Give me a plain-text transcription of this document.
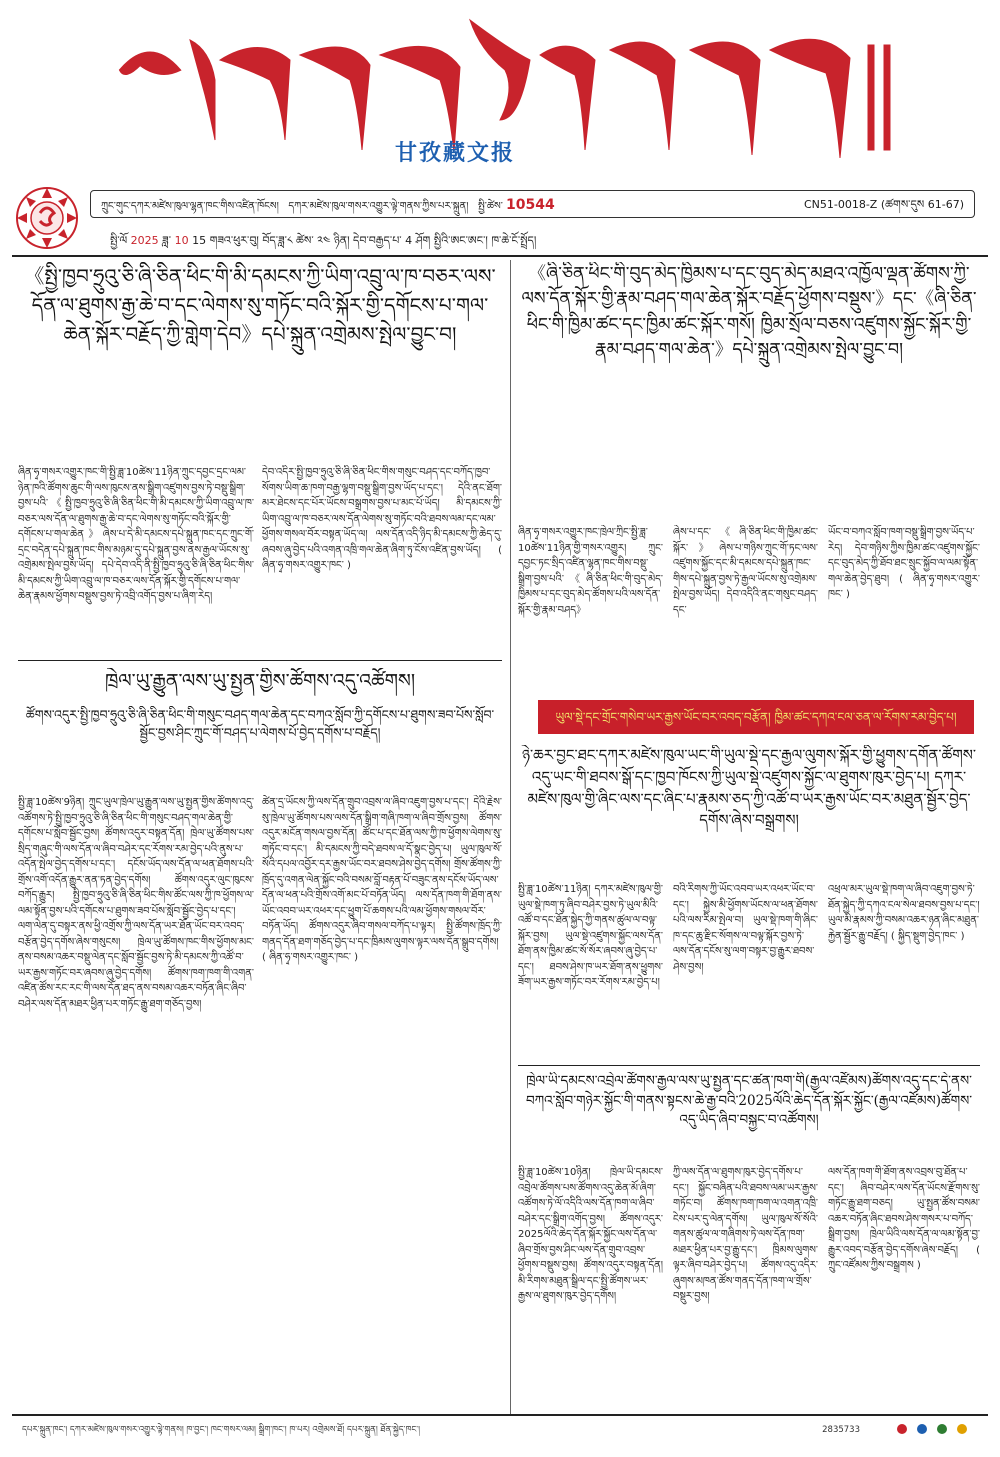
甘孜藏文报
ཀྲུང་གུང་དཀར་མཛེས་ཁུལ་ལྷན་ཁང་གིས་འཛིན་ཁོངས། དཀར་མཛེས་ཁུལ་གསར་འགྱུར་ལྟེ་གནས་ཀྱིས་པར་སྐྲུན། སྤྱི་ཚེས་ 10544	CN51-0018-Z (ཚགས་དུས 61-67)
སྤྱི་ལོ 2025 ཟླ་ 10 15 གཟའ་ཕུར་བུ། བོད་ཟླ་༨ ཚེས་ ༢༤ ཉིན། དེབ་བརྒྱད་པ་ 4 ཤོག སྤྱིའི་ཨང་ཨང་། ཁ་ཆེ་ངོ་སྤྲོད།
《སྤྱི་ཁྱབ་ཧྲུའུ་ཅི་ཞི་ཅིན་ཕིང་གི་མི་དམངས་ཀྱི་ཡིག་འབྲུ་ལ་ཁ་བཅར་ལས་དོན་ལ་ཐུགས་རྒྱ་ཆེ་བ་དང་ལེགས་སུ་གཏོང་བའི་སྐོར་གྱི་དགོངས་པ་གལ་ཆེན་སྐོར་བརྗོད་ཀྱི་གླེག་དེབ》དཔེ་སྐྲུན་འགྲེམས་སྤེལ་བྱུང་བ།
ཞིན་ཧྭ་གསར་འགྱུར་ཁང་གི་སྤྱི་ཟླ་10ཚེས་11ཉིན་ཀྲུང་དབྱང་དྲང་ལམ་ཉེན་ཁའི་ཚོགས་ཆུང་གི་ལས་ཁུངས་ནས་སྒྲིག་འཛུགས་བྱས་ཏེ་བསྡུ་སྒྲིག་བྱས་པའི་《སྤྱི་ཁྱབ་ཧྲུའུ་ཅི་ཞི་ཅིན་ཕིང་གི་མི་དམངས་ཀྱི་ཡིག་འབྲུ་ལ་ཁ་བཅར་ལས་དོན་ལ་ཐུགས་རྒྱ་ཆེ་བ་དང་ལེགས་སུ་གཏོང་བའི་སྐོར་གྱི་དགོངས་པ་གལ་ཆེན》ཞེས་པ་དེ་མི་དམངས་དཔེ་སྐྲུན་ཁང་དང་ཀྲུང་གོ་དྲང་བདེན་དཔེ་སྐྲུན་ཁང་གིས་མཉམ་དུ་དཔེ་སྐྲུན་བྱས་ནས་རྒྱལ་ཡོངས་སུ་འགྲེམས་སྤེལ་བྱས་ཡོད། དཔེ་དེབ་འདི་ནི་སྤྱི་ཁྱབ་ཧྲུའུ་ཅི་ཞི་ཅིན་ཕིང་གིས་མི་དམངས་ཀྱི་ཡིག་འབྲུ་ལ་ཁ་བཅར་ལས་དོན་སྐོར་གྱི་དགོངས་པ་གལ་ཆེན་རྣམས་ཕྱོགས་བསྡུས་བྱས་ཏེ་འབྲི་འགོད་བྱས་པ་ཞིག་རེད།
དེབ་འདིར་སྤྱི་ཁྱབ་ཧྲུའུ་ཅི་ཞི་ཅིན་ཕིང་གིས་གསུང་བཤད་དང་བཀོད་ཁྱབ་སོགས་ཡིག་ཆ་ཁག་བརྒྱ་ལྷག་བསྡུ་སྒྲིག་བྱས་ཡོད་པ་དང་། དེའི་ནང་ཐོག་མར་ཐེངས་དང་པོར་ཡོངས་བསྒྲགས་བྱས་པ་མང་པོ་ཡོད། མི་དམངས་ཀྱི་ཡིག་འབྲུ་ལ་ཁ་བཅར་ལས་དོན་ལེགས་སུ་གཏོང་བའི་ཐབས་ལམ་དང་ལམ་ཕྱོགས་གསལ་བོར་བསྟན་ཡོད་ལ། ལས་དོན་འདི་ཉིད་མི་དམངས་ཀྱི་ཆེད་དུ་ཞབས་ཞུ་བྱེད་པའི་འགན་འཁྲི་གལ་ཆེན་ཞིག་ཏུ་ངོས་འཛིན་བྱས་ཡོད། ( ཞིན་ཧྭ་གསར་འགྱུར་ཁང་ )
ཁྲེལ་ཡུ་རྒྱུན་ལས་ཡུ་སྤྱན་གྱིས་ཚོགས་འདུ་འཚོགས།
ཚོགས་འདུར་སྤྱི་ཁྱབ་ཧྲུའུ་ཅི་ཞི་ཅིན་ཕིང་གི་གསུང་བཤད་གལ་ཆེན་དང་བཀའ་སློབ་ཀྱི་དགོངས་པ་ཐུགས་ཟབ་པོས་སློབ་སྦྱོང་བྱས་ཤིང་ཀྲུང་གོ་བཤད་པ་ལེགས་པོ་བྱེད་དགོས་པ་བརྗོད།
སྤྱི་ཟླ་10ཚེས་9ཉིན། ཀྲུང་ཡུལ་ཁྲེལ་ཡུ་རྒྱུན་ལས་ཡུ་སྤྱན་གྱིས་ཚོགས་འདུ་འཚོགས་ཏེ་སྤྱི་ཁྱབ་ཧྲུའུ་ཅི་ཞི་ཅིན་ཕིང་གི་གསུང་བཤད་གལ་ཆེན་གྱི་དགོངས་པ་སློབ་སྦྱོང་བྱས། ཚོགས་འདུར་བསྟན་དོན། ཁྲེལ་ཡུ་ཚོགས་པས་སྲིད་གཞུང་གི་ལས་དོན་ལ་ཞིབ་བཤེར་དང་རོགས་རམ་བྱེད་པའི་ནུས་པ་འདོན་སྤེལ་བྱེད་དགོས་པ་དང་། དངོས་ཡོད་ལས་དོན་ལ་ཕན་ཐོགས་པའི་གྲོས་འགོ་འདོན་རྒྱུར་ནན་ཏན་བྱེད་དགོས། ཚོགས་འདུར་ལུང་ཁུངས་བཀོད་རྒྱུར། སྤྱི་ཁྱབ་ཧྲུའུ་ཅི་ཞི་ཅིན་ཕིང་གིས་ཚོང་ལས་ཀྱི་ཁ་ཕྱོགས་ལ་ལམ་སྟོན་བྱས་པའི་དགོངས་པ་ཐུགས་ཟབ་པོས་སློབ་སྦྱོང་བྱེད་པ་དང་། ལག་ལེན་དུ་བསྟར་ནས་ཕྱི་འགྲོས་ཀྱི་ལས་དོན་ཡར་ཐོན་ཡོང་བར་འབད་བརྩོན་བྱེད་དགོས་ཞེས་གསུངས། ཁྲེལ་ཡུ་ཚོགས་ཁང་གིས་ཕྱོགས་མང་ནས་བསམ་འཆར་བསྡུ་ལེན་དང་སློབ་སྦྱོང་བྱས་ཏེ་མི་དམངས་ཀྱི་འཚོ་བ་ཡར་རྒྱས་གཏོང་བར་ཞབས་ཞུ་བྱེད་དགོས། ཚོགས་ཁག་ཁག་གི་འགན་འཛིན་ཚོས་རང་རང་གི་ལས་དོན་ཐད་ནས་བསམ་འཆར་བཏོན་ཞིང་ཞིབ་བཤེར་ལས་དོན་མཐར་ཕྱིན་པར་གཏོང་རྒྱུ་ཐག་གཅོད་བྱས།
ཚེན་དྲ་ཡོངས་ཀྱི་ལས་དོན་གྲུབ་འབྲས་ལ་ཞིབ་འཇུག་བྱས་པ་དང་། དེའི་རྗེས་སུ་ཁྲེལ་ཡུ་ཚོགས་པས་ལས་དོན་སྒྲིག་གཞི་ཁག་ལ་ཞིབ་གྲོས་བྱས། ཚོགས་འདུར་མངོན་གསལ་བྱས་དོན། ཚོང་པ་དང་ཐོན་ལས་ཀྱི་ཁ་ཕྱོགས་ལེགས་སུ་གཏོང་བ་དང་། མི་དམངས་ཀྱི་བདེ་ཐབས་ལ་དོ་སྣང་བྱེད་པ། ཡུལ་ཁུལ་སོ་སོའི་དཔལ་འབྱོར་དར་རྒྱས་ཡོང་བར་ཐབས་ཤེས་བྱེད་དགོས། གྲོས་ཚོགས་ཀྱི་ཁྲོད་དུ་འགན་ལེན་སྐྱོང་བའི་བསམ་བློ་བརྟན་པོ་བཟུང་ནས་དངོས་ཡོད་ལས་དོན་ལ་ཕན་པའི་གྲོས་འགོ་མང་པོ་བཏོན་ཡོད། ལས་དོན་ཁག་གི་ཐོག་ནས་ཡོང་འབབ་ཡར་འཕར་དང་ཕྱུག་པོ་ཆགས་པའི་ལམ་ཕྱོགས་གསལ་བོར་བཏོན་ཡོད། ཚོགས་འདུར་ཞིབ་གསལ་བཀོད་པ་ལྟར། སྤྱི་ཚོགས་ཁྲོད་ཀྱི་གནད་དོན་ཐག་གཅོད་བྱེད་པ་དང་ཁྲིམས་ལུགས་ལྟར་ལས་དོན་སྒྲུབ་དགོས། ( ཞིན་ཧྭ་གསར་འགྱུར་ཁང་ )
《ཞི་ཅིན་ཕིང་གི་བུད་མེད་ཁྱིམས་པ་དང་བུད་མེད་མཐའ་འཁྱོལ་ལྡན་ཚོགས་ཀྱི་ལས་དོན་སྐོར་གྱི་རྣམ་བཤད་གལ་ཆེན་སྐོར་བརྗོད་ཕྱོགས་བསྡུས་》དང་《ཞི་ཅིན་ཕིང་གི་ཁྱིམ་ཚང་དང་ཁྱིམ་ཚང་སྐོར་གསོ། ཁྱིམ་སྲོལ་བཅས་འཛུགས་སྐྱོང་སྐོར་གྱི་རྣམ་བཤད་གལ་ཆེན་》དཔེ་སྐྲུན་འགྲེམས་སྤེལ་བྱུང་བ།
ཞིན་ཧྭ་གསར་འགྱུར་ཁང་ཁྲེལ་ཀྲིང་སྤྱི་ཟླ་10ཚེས་11ཉིན་གྱི་གསར་འགྱུར། ཀྲུང་དབྱང་ཏང་སྲིད་འཛིན་ལྷན་ཁང་གིས་བསྡུ་སྒྲིག་བྱས་པའི་《ཞི་ཅིན་ཕིང་གི་བུད་མེད་ཁྱིམས་པ་དང་བུད་མེད་ཚོགས་པའི་ལས་དོན་སྐོར་གྱི་རྣམ་བཤད》
ཞེས་པ་དང་《ཞི་ཅིན་ཕིང་གི་ཁྱིམ་ཚང་སྐོར་》ཞེས་པ་གཉིས་ཀྲུང་གོ་ཏང་ལས་འཛུགས་སྐྱོང་དང་མི་དམངས་དཔེ་སྐྲུན་ཁང་གིས་དཔེ་སྐྲུན་བྱས་ཏེ་རྒྱལ་ཡོངས་སུ་འགྲེམས་སྤེལ་བྱས་ཡོད། དེབ་འདིའི་ནང་གསུང་བཤད་དང་
ཡོང་བ་བཀའ་སློབ་ཁག་བསྡུ་སྒྲིག་བྱས་ཡོད་པ་རེད། དེབ་གཉིས་ཀྱིས་ཁྱིམ་ཚང་འཛུགས་སྐྱོང་དང་བུད་མེད་ཀྱི་ཐོབ་ཐང་སྲུང་སྐྱོབ་ལ་ལམ་སྟོན་གལ་ཆེན་བྱེད་ཐུབ། ( ཞིན་ཧྭ་གསར་འགྱུར་ཁང་ )
ཡུལ་སྡེ་དང་གྲོང་གསེབ་ཡར་རྒྱས་ཡོང་བར་འབད་བརྩོན། ཁྱིམ་ཚང་དཀའ་ངལ་ཅན་ལ་རོགས་རམ་བྱེད་པ།
ཉེ་ཆར་བྱང་ཐང་དཀར་མཛེས་ཁུལ་ཡང་གི་ཡུལ་སྡེ་དང་རྒྱལ་ལུགས་སྐོར་གྱི་ཕྱུགས་དགོན་ཚོགས་འདུ་ཡང་གི་ཐབས་སྒོ་དང་ཁྱབ་ཁོངས་ཀྱི་ཡུལ་སྡེ་འཛུགས་སྐྱོང་ལ་ཐུགས་ཁུར་བྱེད་པ། དཀར་མཛེས་ཁུལ་གྱི་ཞིང་ལས་དང་ཞིང་པ་རྣམས་ཅད་ཀྱི་འཚོ་བ་ཡར་རྒྱས་ཡོང་བར་མཐུན་སྦྱོར་བྱེད་དགོས་ཞེས་བསྒྲགས།
སྤྱི་ཟླ་10ཚེས་11ཉིན། དཀར་མཛེས་ཁུལ་གྱི་ཡུལ་སྡེ་ཁག་ཏུ་ཞིབ་བཤེར་བྱས་ཏེ་ཡུལ་མིའི་འཚོ་བ་དང་ཐོན་སྐྱེད་ཀྱི་གནས་ཚུལ་ལ་བལྟ་སྐོར་བྱས། ཡུལ་སྡེ་འཛུགས་སྐྱོང་ལས་དོན་ཐོག་ནས་ཁྱིམ་ཚང་སོ་སོར་ཞབས་ཞུ་བྱེད་པ་དང་། ཐབས་ཤེས་ཁ་ཡར་ཐོག་ནས་ཕྱུགས་ཟོག་ཡར་རྒྱས་གཏོང་བར་རོགས་རམ་བྱེད་པ།
བའི་རིགས་ཀྱི་ཡོང་འབབ་ཡར་འཕར་ཡོང་བ་དང་། སྐྱེས་མི་ཕྱོགས་ཡོངས་ལ་ཕན་ཐོགས་པའི་ལས་རིམ་སྤེལ་བ། ཡུལ་སྡེ་ཁག་གི་ཞིང་ཁ་དང་ཆུ་རྫིང་སོགས་ལ་བལྟ་སྐོར་བྱས་ཏེ་ལས་དོན་དངོས་སུ་ལག་བསྟར་བྱ་རྒྱུར་ཐབས་ཤེས་བྱས།
འཕྲལ་མར་ཡུལ་སྡེ་ཁག་ལ་ཞིབ་འཇུག་བྱས་ཏེ་ཐོན་སྐྱེད་ཀྱི་དཀའ་ངལ་སེལ་ཐབས་བྱས་པ་དང་། ཡུལ་མི་རྣམས་ཀྱི་བསམ་འཆར་ཉན་ཞིང་མཐུན་རྐྱེན་སྦྱོར་རྒྱུ་བརྗོད། ( སྐྱིད་སྡུག་བྱེད་ཁང་ )
ཁྲེལ་ཡི་དམངས་འབྲེལ་ཚོགས་རྒྱལ་ལས་ཡུ་སྤྱན་དང་ཚན་ཁག་གི(རྒྱལ་འཛོམས)ཚོགས་འདུ་དང་དེ་ནས་བཀའ་སློབ་གཉེར་སྐྱོང་གི་གནས་སྟངས་ཆེ་རྒྱ་བའི་2025ལོའི་ཆེད་དོན་སྐོར་སྐྱོང་(རྒྱལ་འཛོམས)ཚོགས་འདུ་ཡིད་ཞིབ་བསྐྱང་བ་འཚོགས།
སྤྱི་ཟླ་10ཚེས་10ཉིན། ཁྲེལ་ཡི་དམངས་འབྲེལ་ཚོགས་པས་ཚོགས་འདུ་ཆེན་མོ་ཞིག་འཚོགས་ཏེ་ལོ་འདིའི་ལས་དོན་ཁག་ལ་ཞིབ་བཤེར་དང་སྒྲིག་འགོད་བྱས། ཚོགས་འདུར་2025ལོའི་ཆེད་དོན་སྐོར་སྐྱོང་ལས་དོན་ལ་ཞིབ་གྲོས་བྱས་ཤིང་ལས་དོན་གྲུབ་འབྲས་ཕྱོགས་བསྡུས་བྱས། ཚོགས་འདུར་བསྟན་དོན། མི་རིགས་མཐུན་སྒྲིལ་དང་སྤྱི་ཚོགས་ཡར་རྒྱས་ལ་ཐུགས་ཁུར་བྱེད་དགོས།
ཀྱི་ལས་དོན་ལ་ཐུགས་ཁུར་བྱེད་དགོས་པ་དང་། སྐྱོང་བཞིན་པའི་ཐབས་ལམ་ཡར་རྒྱས་གཏོང་བ། ཚོགས་ཁག་ཁག་ལ་འགན་འཁྲི་ངེས་པར་དུ་ལེན་དགོས། ཡུལ་ཁུལ་སོ་སོའི་གནས་ཚུལ་ལ་གཞིགས་ཏེ་ལས་དོན་ཁག་མཐར་ཕྱིན་པར་བྱ་རྒྱུ་དང་། ཁྲིམས་ལུགས་ལྟར་ཞིབ་བཤེར་བྱེད་པ། ཚོགས་འདུ་འདིར་ཞུགས་མཁན་ཚོས་གནད་དོན་ཁག་ལ་གྲོས་བསྡུར་བྱས།
ལས་དོན་ཁག་གི་ཐོག་ནས་འབྲས་བུ་ཐོན་པ་དང་། ཞིབ་བཤེར་ལས་དོན་ཡོངས་རྫོགས་སུ་གཏོང་རྒྱུ་ཐག་བཅད། ཡུ་སྤྱན་ཚོས་བསམ་འཆར་བཏོན་ཞིང་ཐབས་ཤེས་གསར་པ་བཀོད་སྒྲིག་བྱས། ཁྲེལ་ཡིའི་ལས་དོན་ལ་ལམ་སྟོན་བྱ་རྒྱུར་འབད་བརྩོན་བྱེད་དགོས་ཞེས་བརྗོད། ( ཀྲུང་འཛོམས་ཀྱིས་བསྒྲགས )
དཔར་སྐྲུན་ཁང་། དཀར་མཛེས་ཁུལ་གསར་འགྱུར་ལྟེ་གནས། ཁ་བྱང་། ཁང་གསར་ལམ། སྒྲིག་ཁང་། ཁ་པར། འགྲེམས་ཐོ། དཔར་སྐྲུན། ཐོན་སྐྱེད་ཁང་།	2835733
